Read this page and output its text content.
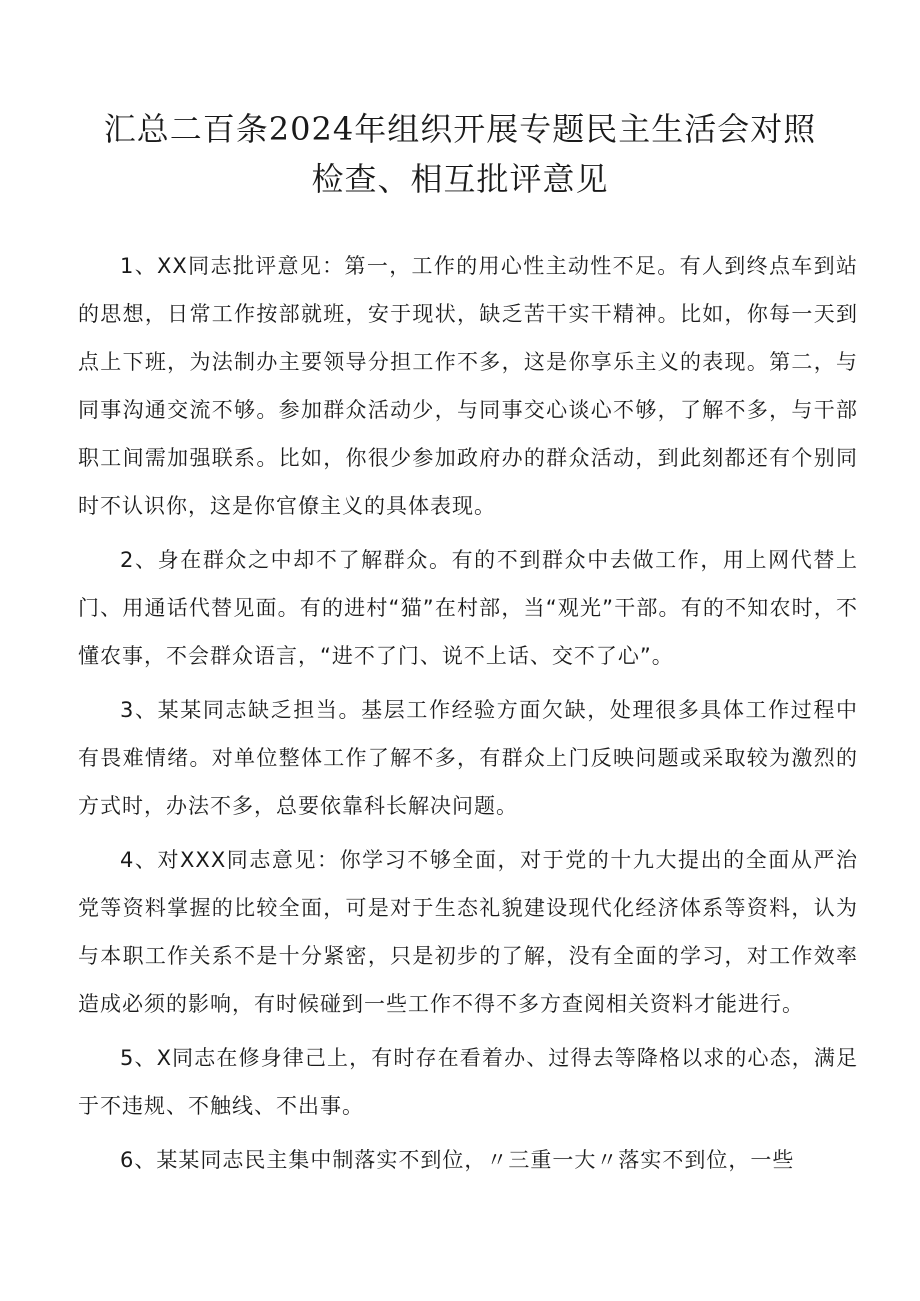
汇总二百条2024年组织开展专题民主生活会对照
检查、相互批评意见

1、XX同志批评意见：第一，工作的用心性主动性不足。有人到终点车到站的思想，日常工作按部就班，安于现状，缺乏苦干实干精神。比如，你每一天到点上下班，为法制办主要领导分担工作不多，这是你享乐主义的表现。第二，与同事沟通交流不够。参加群众活动少，与同事交心谈心不够，了解不多，与干部职工间需加强联系。比如，你很少参加政府办的群众活动，到此刻都还有个别同时不认识你，这是你官僚主义的具体表现。

2、身在群众之中却不了解群众。有的不到群众中去做工作，用上网代替上门、用通话代替见面。有的进村“猫”在村部，当“观光”干部。有的不知农时，不懂农事，不会群众语言，“进不了门、说不上话、交不了心”。

3、某某同志缺乏担当。基层工作经验方面欠缺，处理很多具体工作过程中有畏难情绪。对单位整体工作了解不多，有群众上门反映问题或采取较为激烈的方式时，办法不多，总要依靠科长解决问题。

4、对XXX同志意见：你学习不够全面，对于党的十九大提出的全面从严治党等资料掌握的比较全面，可是对于生态礼貌建设现代化经济体系等资料，认为与本职工作关系不是十分紧密，只是初步的了解，没有全面的学习，对工作效率造成必须的影响，有时候碰到一些工作不得不多方查阅相关资料才能进行。

5、X同志在修身律己上，有时存在看着办、过得去等降格以求的心态，满足于不违规、不触线、不出事。

6、某某同志民主集中制落实不到位，〃三重一大〃落实不到位，一些
